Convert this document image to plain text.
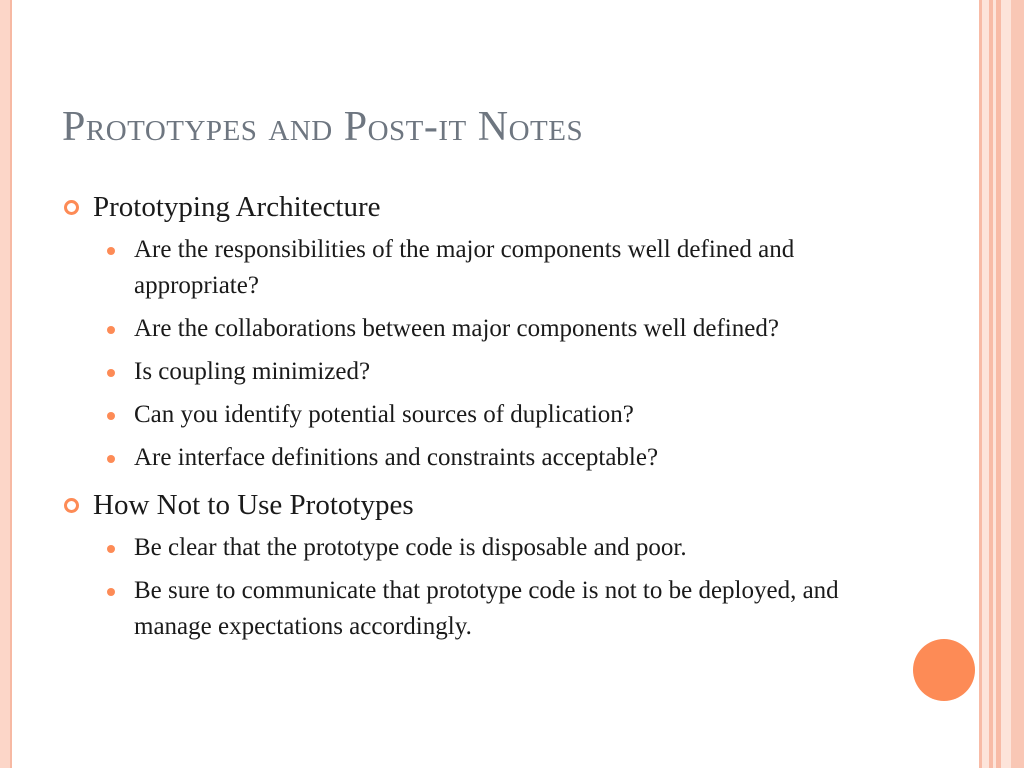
Prototypes and Post-it Notes
Prototyping Architecture
Are the responsibilities of the major components well defined and appropriate?
Are the collaborations between major components well defined?
Is coupling minimized?
Can you identify potential sources of duplication?
Are interface definitions and constraints acceptable?
How Not to Use Prototypes
Be clear that the prototype code is disposable and poor.
Be sure to communicate that prototype code is not to be deployed, and manage expectations accordingly.
